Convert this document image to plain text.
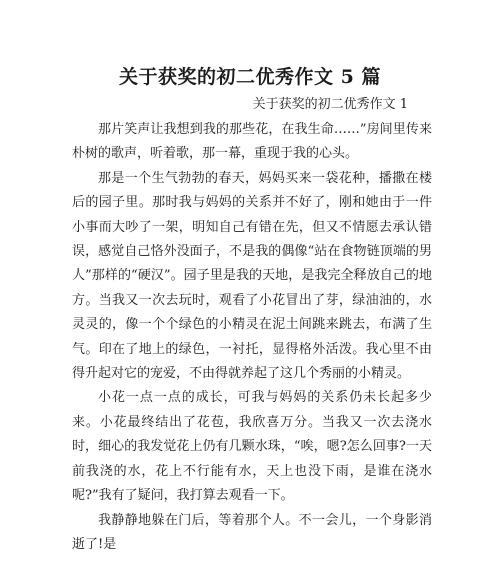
关于获奖的初二优秀作文 5 篇

关于获奖的初二优秀作文 1

那片笑声让我想到我的那些花，在我生命……”房间里传来朴树的歌声，听着歌，那一幕，重现于我的心头。

那是一个生气勃勃的春天，妈妈买来一袋花种，播撒在楼后的园子里。那时我与妈妈的关系并不好了，刚和她由于一件小事而大吵了一架，明知自己有错在先，但又不情愿去承认错误，感觉自己恪外没面子，不是我的偶像“站在食物链顶端的男人”那样的“硬汉”。园子里是我的天地，是我完全释放自己的地方。当我又一次去玩时，观看了小花冒出了芽，绿油油的，水灵灵的，像一个个绿色的小精灵在泥土间跳来跳去，布满了生气。印在了地上的绿色，一衬托，显得格外活泼。我心里不由得升起对它的宠爱，不由得就养起了这几个秀丽的小精灵。

小花一点一点的成长，可我与妈妈的关系仍未长起多少来。小花最终结出了花苞，我欣喜万分。当我又一次去浇水时，细心的我发觉花上仍有几颗水珠，“唉，嗯?怎么回事?一天前我浇的水，花上不行能有水，天上也没下雨，是谁在浇水呢?”我有了疑问，我打算去观看一下。

我静静地躲在门后，等着那个人。不一会儿，一个身影消逝了!是
